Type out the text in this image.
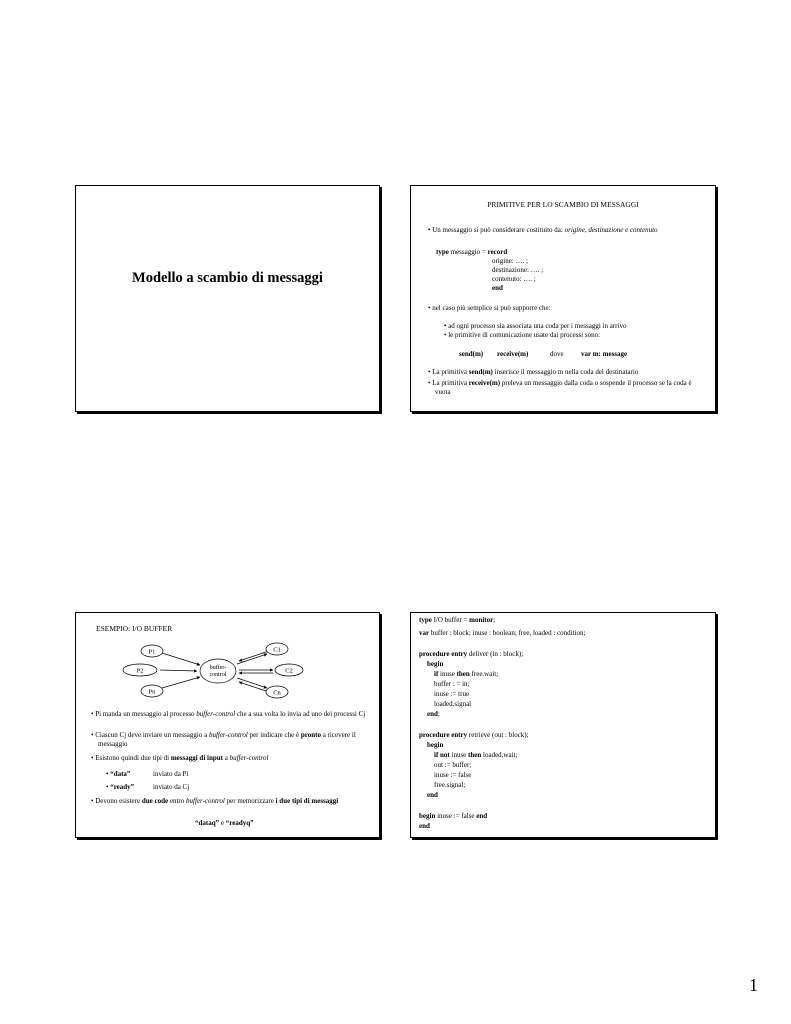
Modello a scambio di messaggi
PRIMITIVE PER LO SCAMBIO DI MESSAGGI
• Un messaggio si può considerare costituito da: origine, destinazione e contenuto
type messaggio = record
origine: …. ;
destinazione: …. ;
contenuto: …. ;
end
• nel caso più semplice si può supporre che:
• ad ogni processo sia associata una coda per i messaggi in arrivo
• le primitive di comunicazione usate dai processi sono:
send(m) receive(m)	dove var m: message
• La primitiva send(m) inserisce il messaggio m nella coda del destinatario
• La primitiva receive(m) preleva un messaggio dalla coda o sospende il processo se la coda è vuota
ESEMPIO: I/O BUFFER
P1
P2
Pn
buffer-
control
C1
C2
Cn
• Pi manda un messaggio al processo buffer-control che a sua volta lo invia ad uno dei processi Cj
• Ciascun Cj deve inviare un messaggio a buffer-control per indicare che è pronto a ricevere il messaggio
• Esistono quindi due tipi di messaggi di input a buffer-control
• “data”	inviato da Pi
• “ready”	inviato da Cj
• Devono esistere due code entro buffer-control per memorizzare i due tipi di messaggi
“dataq” e “readyq”
type I/O buffer = monitor;
var buffer : block; inuse : boolean; free, loaded : condition;
procedure entry deliver (in : block);
begin
if inuse then free.wait;
buffer : = in;
inuse := true
loaded.signal
end;
procedure entry retrieve (out : block);
begin
if not inuse then loaded.wait;
out := buffer;
inuse := false
free.signal;
end
begin inuse := false end
end
1
